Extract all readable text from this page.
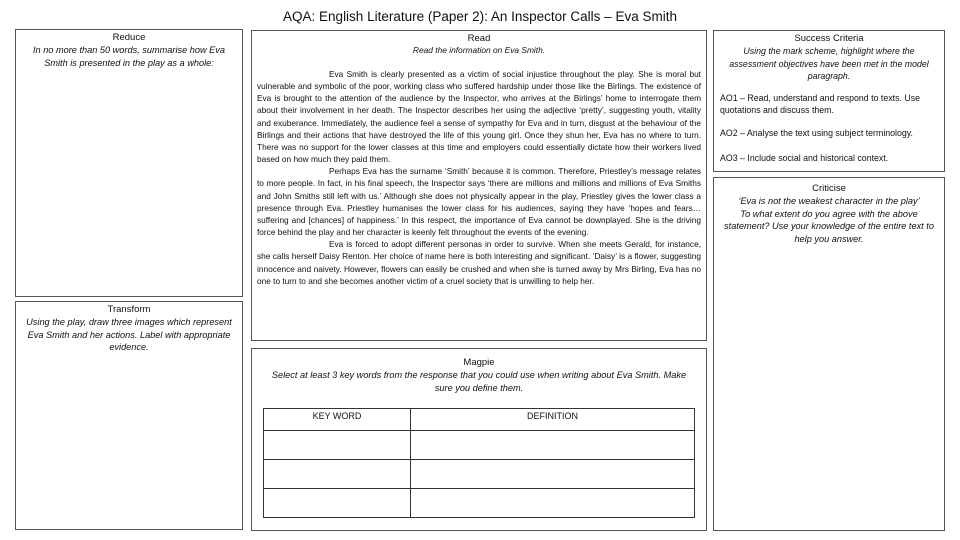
AQA: English Literature (Paper 2): An Inspector Calls – Eva Smith
Reduce
In no more than 50 words, summarise how Eva Smith is presented in the play as a whole:
Transform
Using the play, draw three images which represent Eva Smith and her actions. Label with appropriate evidence.
Read
Read the information on Eva Smith.

Eva Smith is clearly presented as a victim of social injustice throughout the play. She is moral but vulnerable and symbolic of the poor, working class who suffered hardship under those like the Birlings. The existence of Eva is brought to the attention of the audience by the Inspector, who arrives at the Birlings’ home to interrogate them about their involvement in her death. The Inspector describes her using the adjective ‘pretty’, suggesting youth, vitality and exuberance. Immediately, the audience feel a sense of sympathy for Eva and in turn, disgust at the behaviour of the Birlings and their actions that have destroyed the life of this young girl. Once they shun her, Eva has no where to turn. There was no support for the lower classes at this time and employers could essentially dictate how their workers lived based on how much they paid them.

Perhaps Eva has the surname ‘Smith’ because it is common. Therefore, Priestley’s message relates to more people. In fact, in his final speech, the Inspector says ‘there are millions and millions and millions of Eva Smiths and John Smiths still left with us.’ Although she does not physically appear in the play, Priestley gives the lower class a presence through Eva. Priestley humanises the lower class for his audiences, saying they have ‘hopes and fears… suffering and [chances] of happiness.’ In this respect, the importance of Eva cannot be downplayed. She is the driving force behind the play and her character is keenly felt throughout the events of the evening.

Eva is forced to adopt different personas in order to survive. When she meets Gerald, for instance, she calls herself Daisy Renton. Her choice of name here is both interesting and significant. ‘Daisy’ is a flower, suggesting innocence and naivety. However, flowers can easily be crushed and when she is turned away by Mrs Birling, Eva has no one to turn to and she becomes another victim of a cruel society that is unwilling to help her.

Magpie
Select at least 3 key words from the response that you could use when writing about Eva Smith. Make sure you define them.
KEY WORD	DEFINITION

Success Criteria
Using the mark scheme, highlight where the assessment objectives have been met in the model paragraph.
AO1 – Read, understand and respond to texts. Use quotations and discuss them.
AO2 – Analyse the text using subject terminology.
AO3 – Include social and historical context.
Criticise
‘Eva is not the weakest character in the play’
To what extent do you agree with the above statement? Use your knowledge of the entire text to help you answer.
